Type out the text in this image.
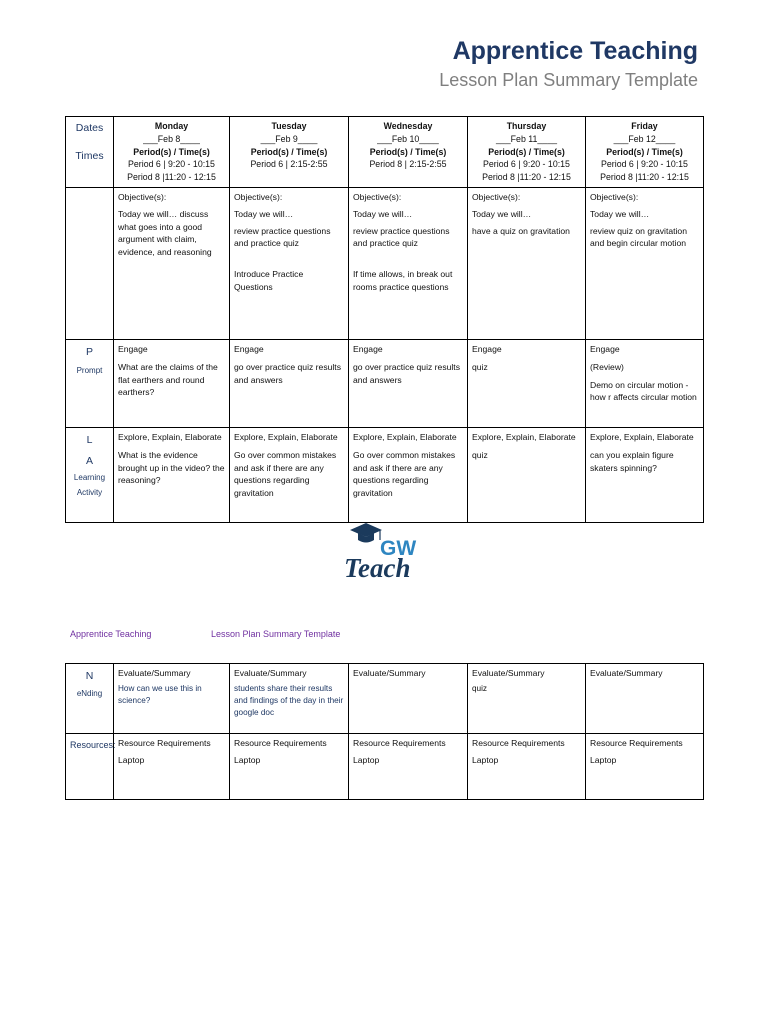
Apprentice Teaching
Lesson Plan Summary Template
Dates
Times	Monday
___Feb 8____
Period(s) / Time(s)
Period 6 | 9:20 - 10:15
Period 8 |11:20 - 12:15	Tuesday
___Feb 9____
Period(s) / Time(s)
Period 6 | 2:15-2:55	Wednesday
___Feb 10____
Period(s) / Time(s)
Period 8 | 2:15-2:55	Thursday
___Feb 11____
Period(s) / Time(s)
Period 6 | 9:20 - 10:15
Period 8 |11:20 - 12:15	Friday
___Feb 12____
Period(s) / Time(s)
Period 6 | 9:20 - 10:15
Period 8 |11:20 - 12:15

	Objective(s):
Today we will… discuss what goes into a good argument with claim, evidence, and reasoning	Objective(s):
Today we will…
review practice questions and practice quiz
Introduce Practice Questions	Objective(s):
Today we will…
review practice questions and practice quiz
If time allows, in break out rooms practice questions	Objective(s):
Today we will…
have a quiz on gravitation	Objective(s):
Today we will…
review quiz on gravitation and begin circular motion

P
Prompt	Engage
What are the claims of the flat earthers and round earthers?	Engage
go over practice quiz results and answers	Engage
go over practice quiz results and answers	Engage
quiz	Engage
(Review)
Demo on circular motion - how r affects circular motion

L
A
Learning
Activity	Explore, Explain, Elaborate
What is the evidence brought up in the video? the reasoning?	Explore, Explain, Elaborate
Go over common mistakes and ask if there are any questions regarding gravitation	Explore, Explain, Elaborate
Go over common mistakes and ask if there are any questions regarding gravitation	Explore, Explain, Elaborate
quiz	Explore, Explain, Elaborate
can you explain figure skaters spinning?
GW
Teach
Apprentice Teaching	Lesson Plan Summary Template
N
eNding	Evaluate/Summary
How can we use this in science?	Evaluate/Summary
students share their results and findings of the day in their google doc	Evaluate/Summary	Evaluate/Summary
quiz	Evaluate/Summary

Resources:	Resource Requirements
Laptop	Resource Requirements
Laptop	Resource Requirements
Laptop	Resource Requirements
Laptop	Resource Requirements
Laptop
